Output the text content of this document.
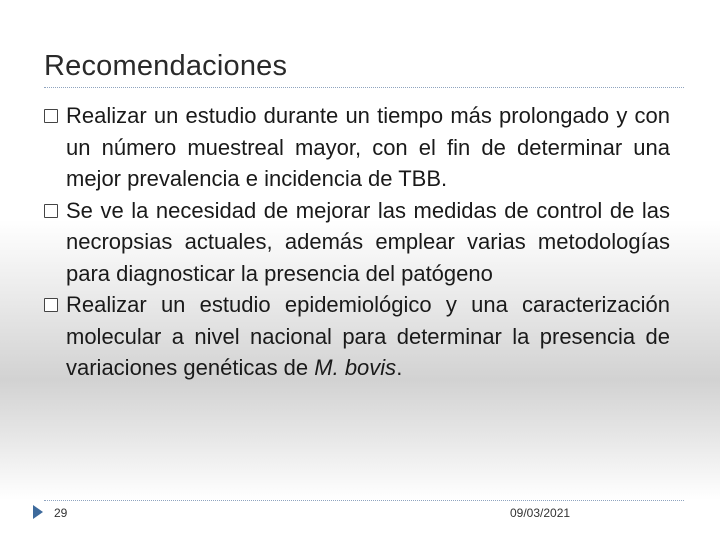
Recomendaciones
Realizar un estudio durante un tiempo más prolongado y con un número muestreal mayor, con el fin de determinar una mejor prevalencia e incidencia de TBB.
Se ve la necesidad de mejorar las medidas de control de las necropsias actuales, además emplear varias metodologías para diagnosticar la presencia del patógeno
Realizar un estudio epidemiológico y una caracterización molecular a nivel nacional para determinar la presencia de variaciones genéticas de M. bovis.
29	09/03/2021
